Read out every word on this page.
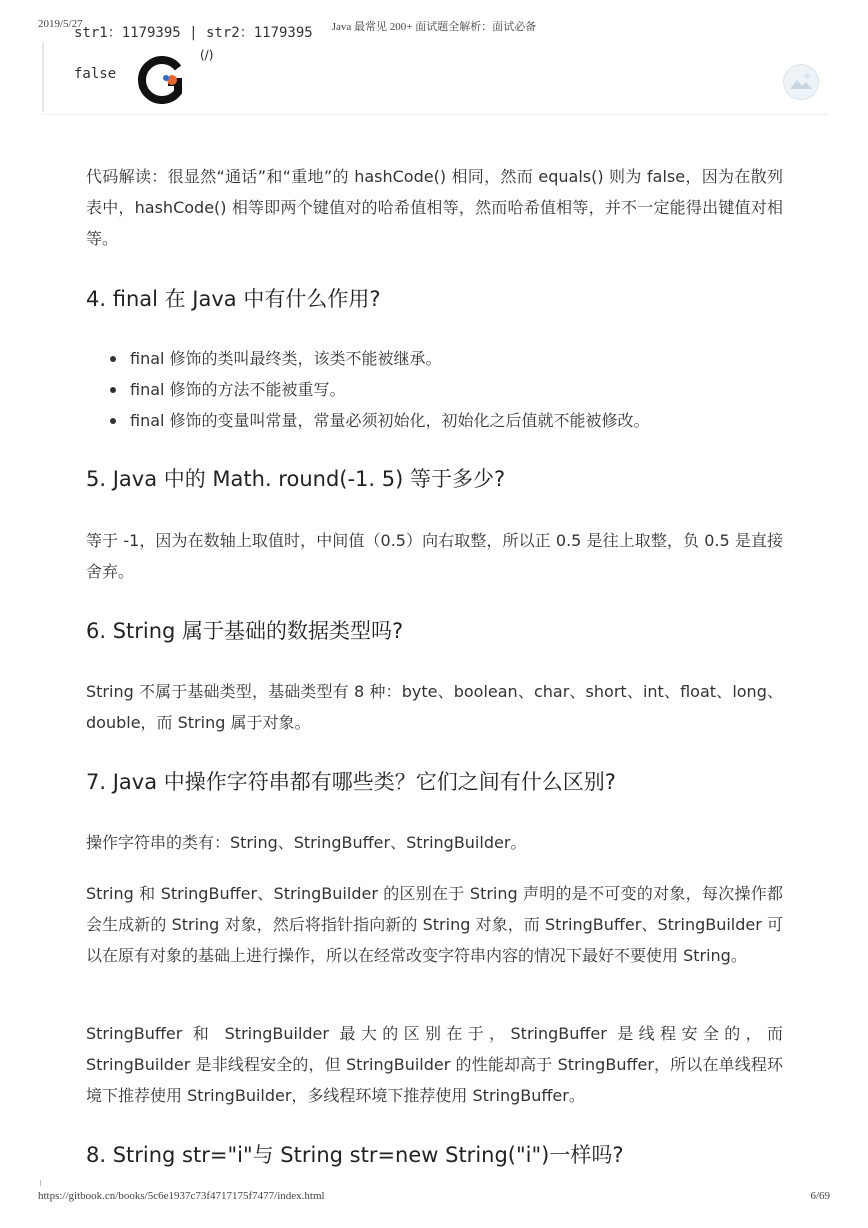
2019/5/27	Java 最常见 200+ 面试题全解析：面试必备
str1：1179395 | str2：1179395
false
(/)

代码解读：很显然“通话”和“重地”的 hashCode() 相同，然而 equals() 则为 false，因为在散列表中，hashCode() 相等即两个键值对的哈希值相等，然而哈希值相等，并不一定能得出键值对相等。

4. final 在 Java 中有什么作用?
final 修饰的类叫最终类，该类不能被继承。
final 修饰的方法不能被重写。
final 修饰的变量叫常量，常量必须初始化，初始化之后值就不能被修改。
5. Java 中的 Math. round(-1. 5) 等于多少?

等于 -1，因为在数轴上取值时，中间值（0.5）向右取整，所以正 0.5 是往上取整，负 0.5 是直接舍弃。

6. String 属于基础的数据类型吗?

String 不属于基础类型，基础类型有 8 种：byte、boolean、char、short、int、float、long、double，而 String 属于对象。

7. Java 中操作字符串都有哪些类？它们之间有什么区别?

操作字符串的类有：String、StringBuffer、StringBuilder。

String 和 StringBuffer、StringBuilder 的区别在于 String 声明的是不可变的对象，每次操作都会生成新的 String 对象，然后将指针指向新的 String 对象，而 StringBuffer、StringBuilder 可以在原有对象的基础上进行操作，所以在经常改变字符串内容的情况下最好不要使用 String。

StringBuffer 和 StringBuilder 最大的区别在于，StringBuffer 是线程安全的，而 StringBuilder 是非线程安全的，但 StringBuilder 的性能却高于 StringBuffer，所以在单线程环境下推荐使用 StringBuilder，多线程环境下推荐使用 StringBuffer。

8. String str="i"与 String str=new String("i")一样吗?
https://gitbook.cn/books/5c6e1937c73f4717175f7477/index.html	6/69
